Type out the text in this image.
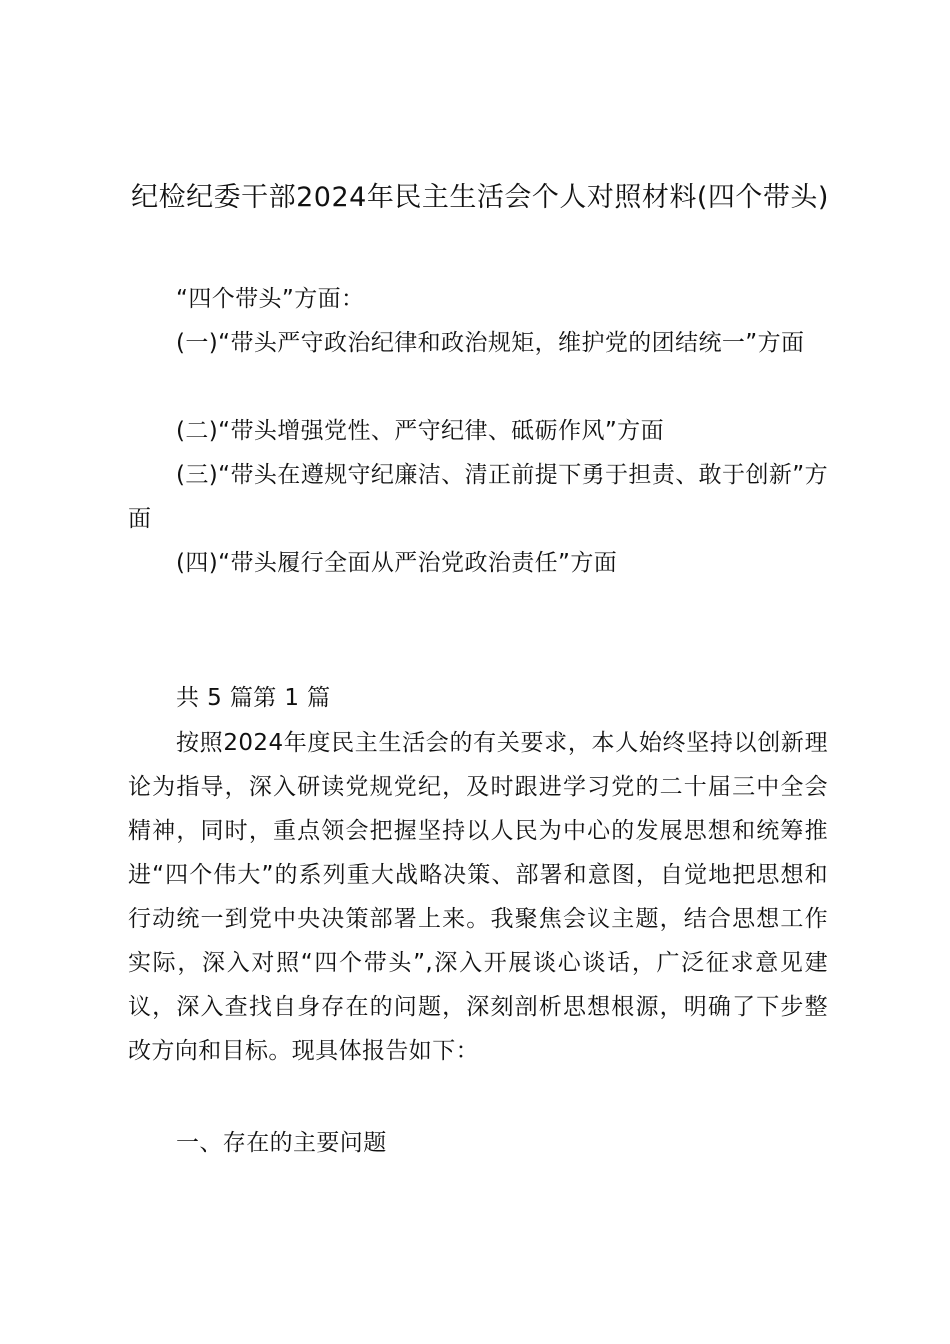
纪检纪委干部2024年民主生活会个人对照材料(四个带头)

“四个带头”方面：

(一)“带头严守政治纪律和政治规矩，维护党的团结统一”方面

(二)“带头增强党性、严守纪律、砥砺作风”方面

(三)“带头在遵规守纪廉洁、清正前提下勇于担责、敢于创新”方面

(四)“带头履行全面从严治党政治责任”方面

共 5 篇第 1 篇

按照2024年度民主生活会的有关要求，本人始终坚持以创新理论为指导，深入研读党规党纪，及时跟进学习党的二十届三中全会精神，同时，重点领会把握坚持以人民为中心的发展思想和统筹推进“四个伟大”的系列重大战略决策、部署和意图，自觉地把思想和行动统一到党中央决策部署上来。我聚焦会议主题，结合思想工作实际，深入对照“四个带头”,深入开展谈心谈话，广泛征求意见建议，深入查找自身存在的问题，深刻剖析思想根源，明确了下步整改方向和目标。现具体报告如下：

一、存在的主要问题
